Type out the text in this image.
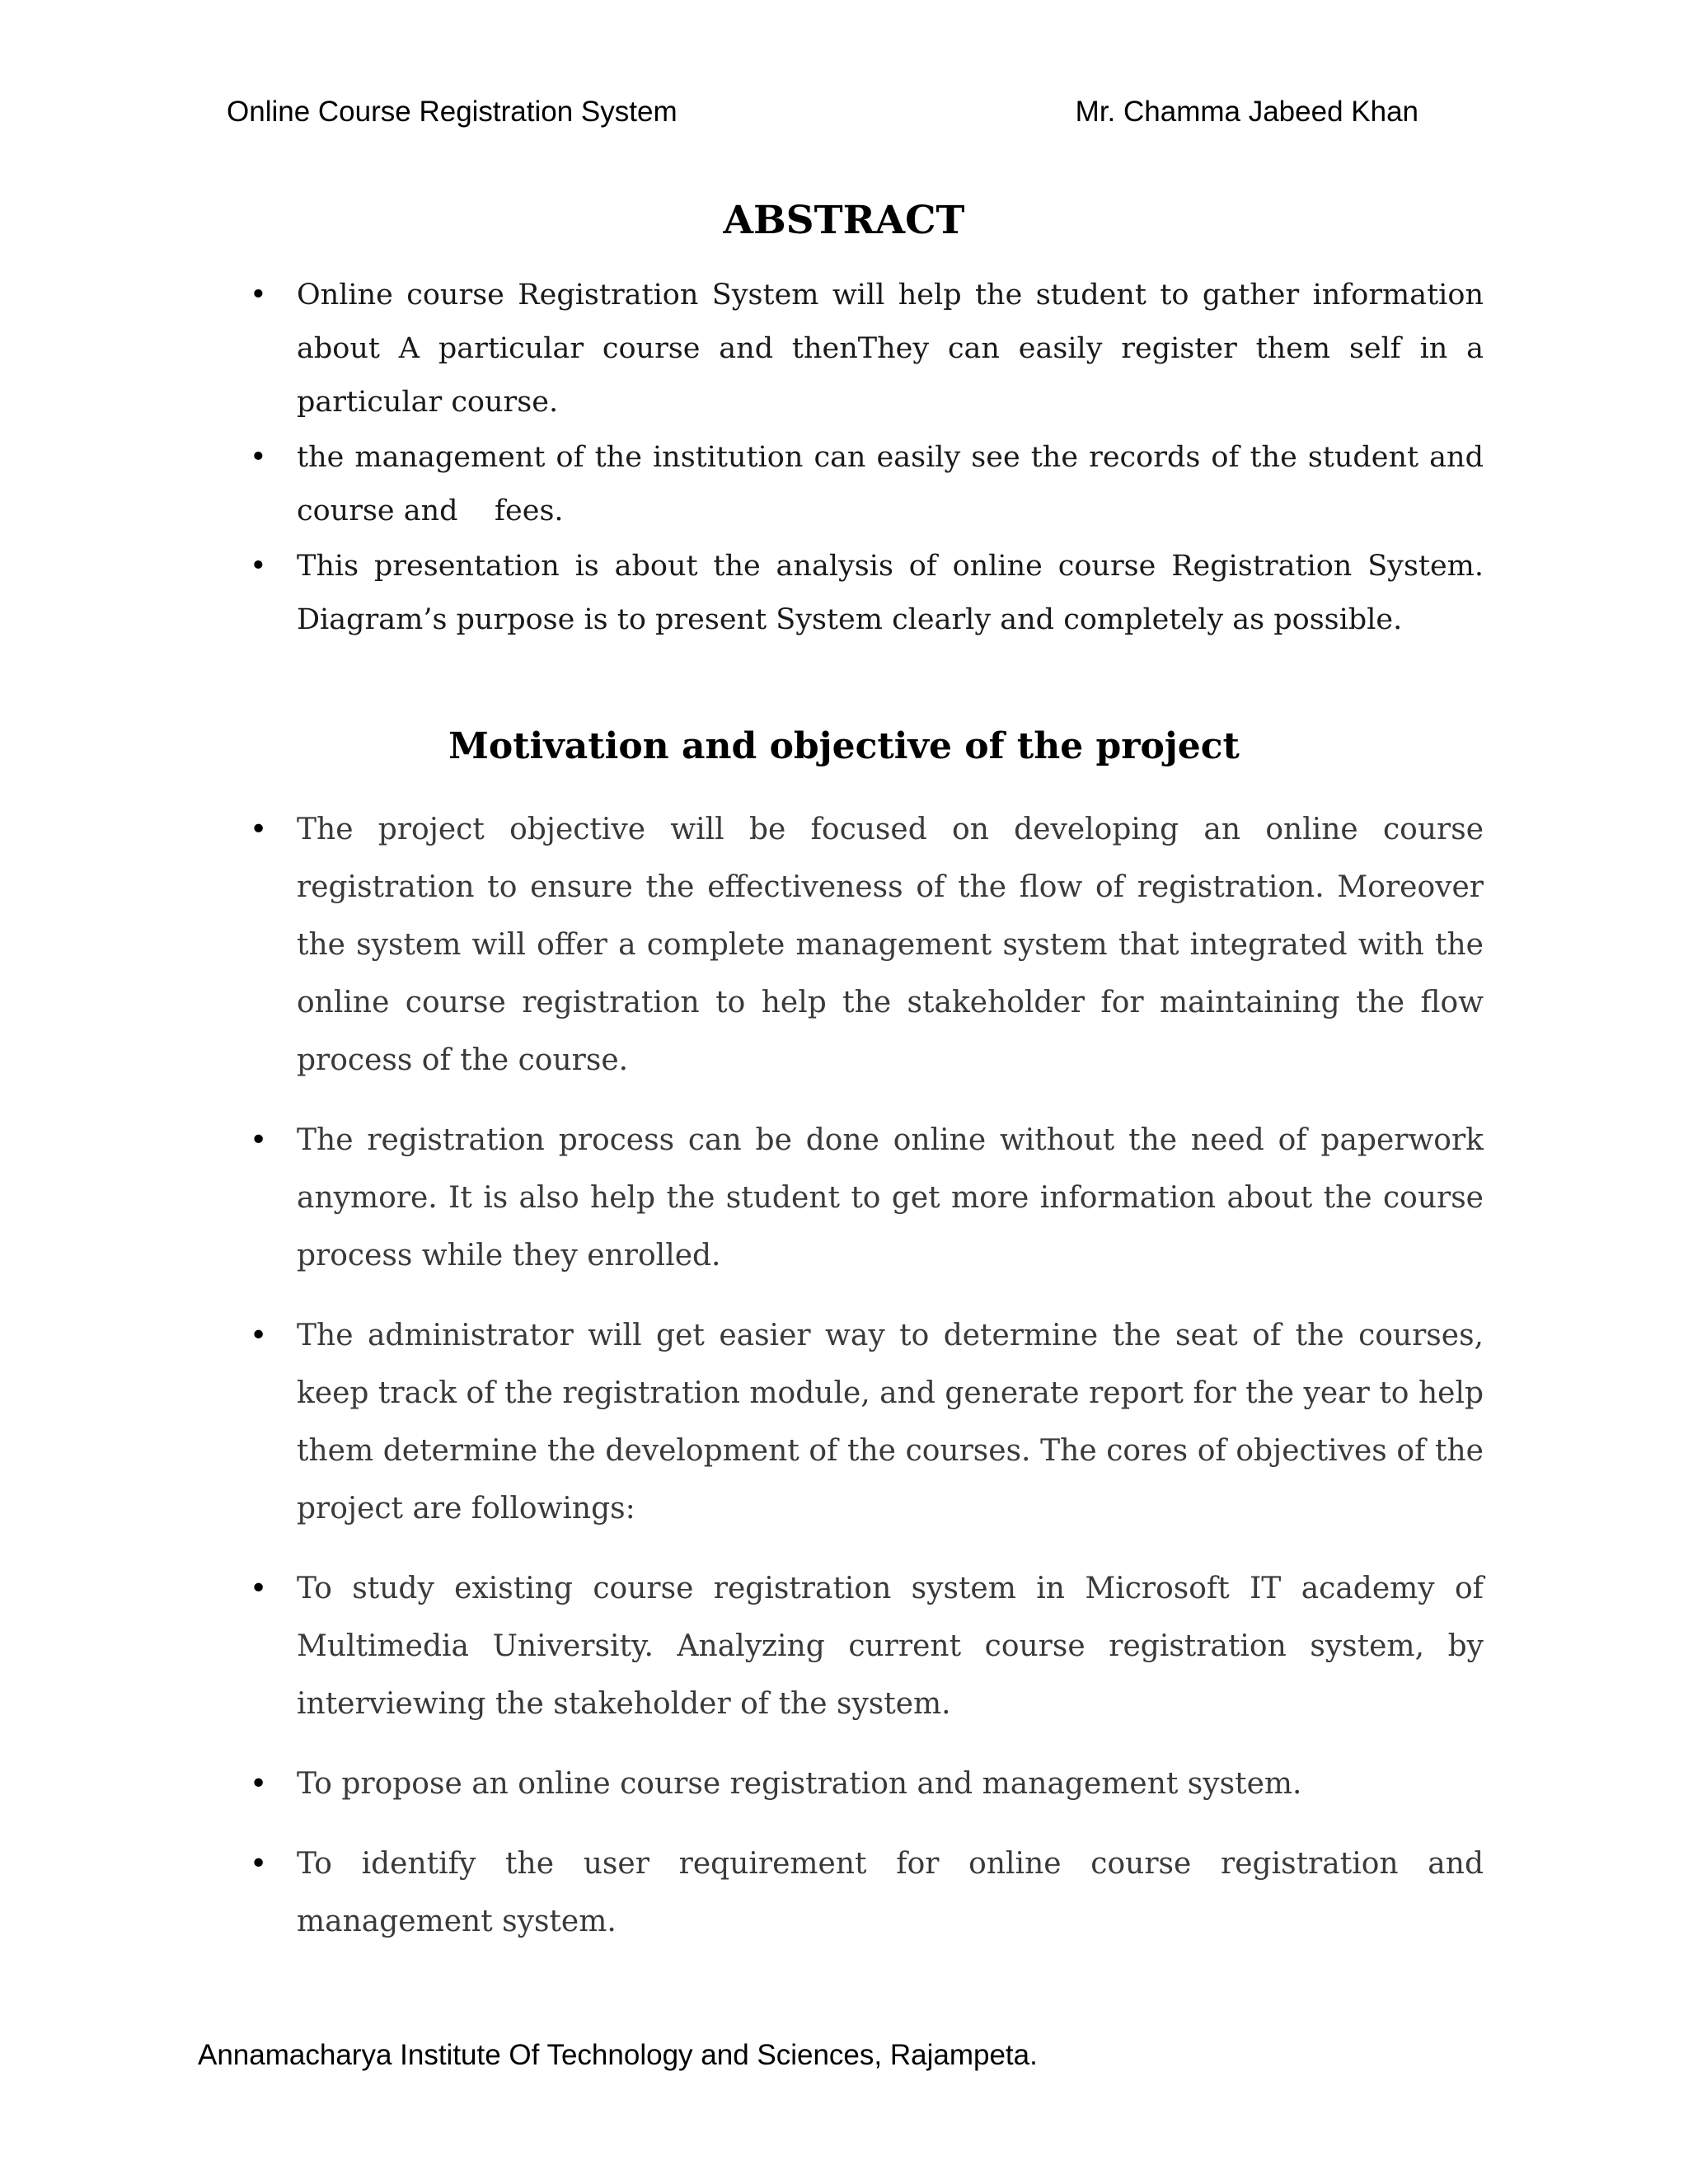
Online Course Registration System	Mr. Chamma Jabeed Khan
ABSTRACT
• Online course Registration System will help the student to gather information about A particular course and thenThey can easily register them self in a particular course.
• the management of the institution can easily see the records of the student and course and    fees.
• This presentation is about the analysis of online course Registration System. Diagram’s purpose is to present System clearly and completely as possible.
Motivation and objective of the project
• The project objective will be focused on developing an online course registration to ensure the effectiveness of the flow of registration. Moreover the system will offer a complete management system that integrated with the online course registration to help the stakeholder for maintaining the flow process of the course.
• The registration process can be done online without the need of paperwork anymore. It is also help the student to get more information about the course process while they enrolled.
• The administrator will get easier way to determine the seat of the courses, keep track of the registration module, and generate report for the year to help them determine the development of the courses. The cores of objectives of the project are followings:
• To study existing course registration system in Microsoft IT academy of Multimedia University. Analyzing current course registration system, by interviewing the stakeholder of the system.
• To propose an online course registration and management system.
• To identify the user requirement for online course registration and management system.
Annamacharya Institute Of Technology and Sciences, Rajampeta.
